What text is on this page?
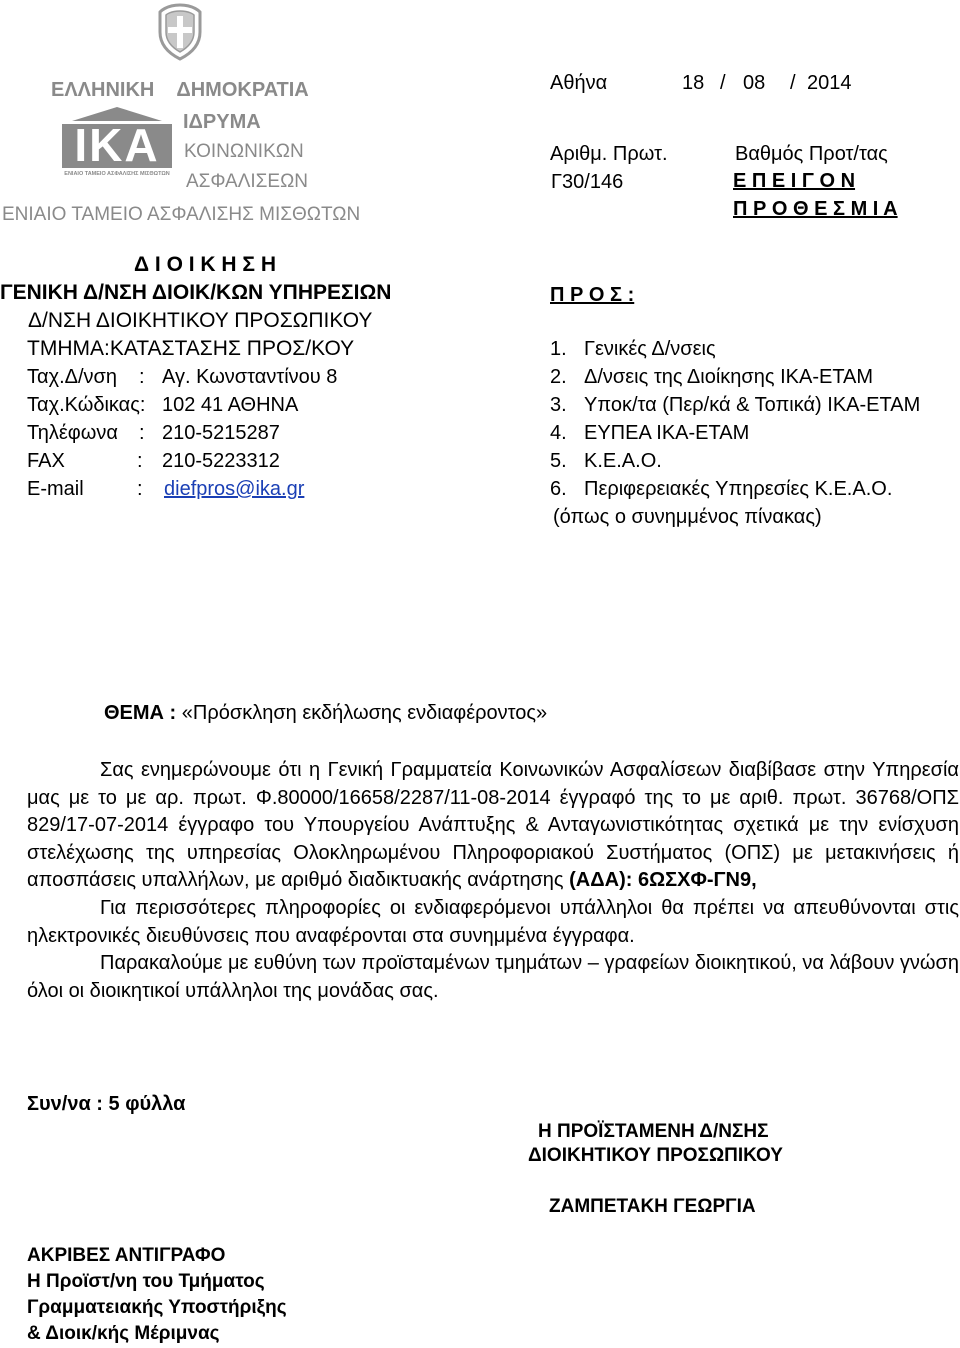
ΕΛΛΗΝΙΚΗ ΔΗΜΟΚΡΑΤΙΑ
IKA
ΕΝΙΑΙΟ ΤΑΜΕΙΟ ΑΣΦΑΛΙΣΗΣ ΜΙΣΘΩΤΩΝ
ΙΔΡΥΜΑ
ΚΟΙΝΩΝΙΚΩΝ
ΑΣΦΑΛΙΣΕΩΝ
ΕΝΙΑΙΟ ΤΑΜΕΙΟ ΑΣΦΑΛΙΣΗΣ ΜΙΣΘΩΤΩΝ
Δ Ι Ο Ι Κ Η Σ Η
ΓΕΝΙΚΗ Δ/ΝΣΗ ΔΙΟΙΚ/ΚΩΝ ΥΠΗΡΕΣΙΩΝ
Δ/ΝΣΗ ΔΙΟΙΚΗΤΙΚΟΥ ΠΡΟΣΩΠΙΚΟΥ
ΤΜΗΜΑ:ΚΑΤΑΣΤΑΣΗΣ ΠΡΟΣ/ΚΟΥ
Ταχ.Δ/νση : Αγ. Κωνσταντίνου 8
Ταχ.Κώδικας: 102 41 ΑΘΗΝΑ
Τηλέφωνα : 210-5215287
FAX	: 210-5223312
E-mail	: diefpros@ika.gr
Αθήνα	18 / 08 / 2014
Αριθμ. Πρωτ.
Γ30/146
Βαθμός Προτ/τας
Ε Π Ε Ι Γ Ο Ν
Π Ρ Ο Θ Ε Σ Μ Ι Α
Π Ρ Ο Σ :
1. Γενικές Δ/νσεις
2. Δ/νσεις της Διοίκησης ΙΚΑ-ΕΤΑΜ
3. Υποκ/τα (Περ/κά & Τοπικά) ΙΚΑ-ΕΤΑΜ
4. ΕΥΠΕΑ ΙΚΑ-ΕΤΑΜ
5. Κ.Ε.Α.Ο.
6. Περιφερειακές Υπηρεσίες Κ.Ε.Α.Ο.
(όπως ο συνημμένος πίνακας)
ΘΕΜΑ : «Πρόσκληση εκδήλωσης ενδιαφέροντος»

Σας ενημερώνουμε ότι η Γενική Γραμματεία Κοινωνικών Ασφαλίσεων διαβίβασε στην Υπηρεσία μας με το με αρ. πρωτ. Φ.80000/16658/2287/11-08-2014 έγγραφό της το με αριθ. πρωτ. 36768/ΟΠΣ 829/17-07-2014 έγγραφο του Υπουργείου Ανάπτυξης & Ανταγωνιστικότητας σχετικά με την ενίσχυση στελέχωσης της υπηρεσίας Ολοκληρωμένου Πληροφοριακού Συστήματος (ΟΠΣ) με μετακινήσεις ή αποσπάσεις υπαλλήλων, με αριθμό διαδικτυακής ανάρτησης (ΑΔΑ): 6ΩΣΧΦ-ΓΝ9,

Για περισσότερες πληροφορίες οι ενδιαφερόμενοι υπάλληλοι θα πρέπει να απευθύνονται στις ηλεκτρονικές διευθύνσεις που αναφέρονται στα συνημμένα έγγραφα.

Παρακαλούμε με ευθύνη των προϊσταμένων τμημάτων – γραφείων διοικητικού, να λάβουν γνώση όλοι οι διοικητικοί υπάλληλοι της μονάδας σας.

Συν/να : 5 φύλλα
Η ΠΡΟΪΣΤΑΜΕΝΗ Δ/ΝΣΗΣ
ΔΙΟΙΚΗΤΙΚΟΥ ΠΡΟΣΩΠΙΚΟΥ
ΖΑΜΠΕΤΑΚΗ ΓΕΩΡΓΙΑ
ΑΚΡΙΒΕΣ ΑΝΤΙΓΡΑΦΟ
Η Προϊστ/νη του Τμήματος
Γραμματειακής Υποστήριξης
& Διοικ/κής Μέριμνας
